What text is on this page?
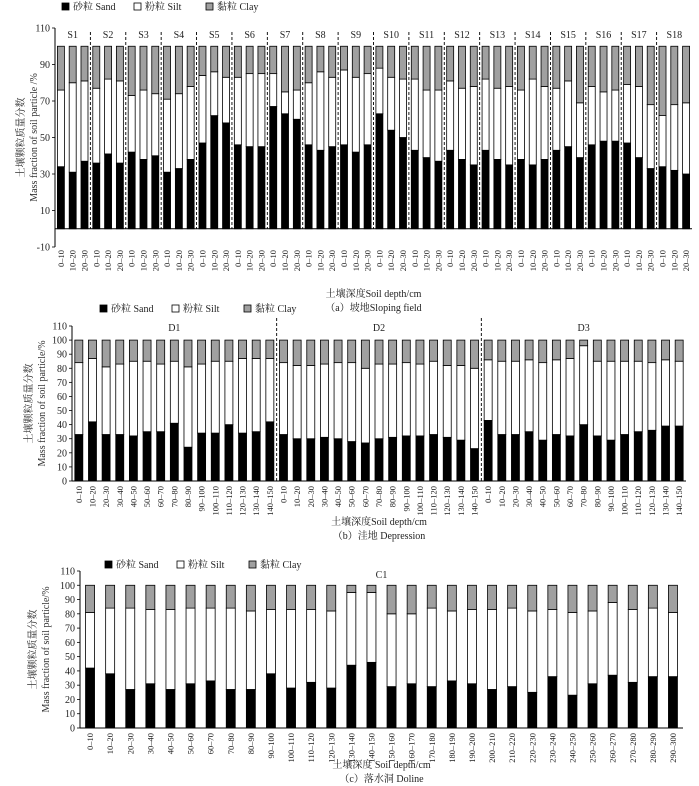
砂粒 Sand	粉粒 Silt	黏粒 Clay
-10
10
30
50
70
90
110
土壤颗粒质量分数 Mass fraction of soil particle /%
0–10 10–20 20–30 0–10 10–20 20–30 0–10 10–20 20–30 0–10 10–20 20–30 0–10 10–20 20–30 0–10 10–20 20–30 0–10 10–20 20–30 0–10 10–20 20–30 0–10 10–20 20–30 0–10 10–20 20–30 0–10 10–20 20–30 0–10 10–20 20–30 0–10 10–20 20–30 0–10 10–20 20–30 0–10 10–20 20–30 0–10 10–20 20–30 0–10 10–20 20–30 0–10 10–20 20–30
S1 S2 S3 S4 S5 S6 S7 S8 S9 S10 S11 S12 S13 S14 S15 S16 S17 S18
土壤深度Soil depth/cm
（a）坡地Sloping field
砂粒 Sand	粉粒 Silt	黏粒 Clay
0
10
20
30
40
50
60
70
80
90
100
110
土壤颗粒质量分数 Mass fraction of soil particle/%
0–10 10–20 20–30 30–40 40–50 50–60 60–70 70–80 80–90 90–100 100–110 110–120 120–130 130–140 140–150 0–10 10–20 20–30 30–40 40–50 50–60 60–70 70–80 80–90 90–100 100–110 110–120 120–130 130–140 140–150 0–10 10–20 20–30 30–40 40–50 50–60 60–70 70–80 80–90 90–100 100–110 110–120 120–130 130–140 140–150
D1	D2	D3
土壤深度Soil depth/cm
（b）洼地 Depression
砂粒 Sand	粉粒 Silt	黏粒 Clay
0
10
20
30
40
50
60
70
80
90
100
110
土壤颗粒质量分数 Mass fraction of soil particle/%
0–10 10–20 20–30 30–40 40–50 50–60 60–70 70–80 80–90 90–100 100–110 110–120 120–130 130–140 140–150 150–160 160–170 170–180 180–190 190–200 200–210 210–220 220–230 230–240 240–250 250–260 260–270 270–280 280–290 290–300
C1
土壤深度 Soil depth/cm
（c）落水洞 Doline
